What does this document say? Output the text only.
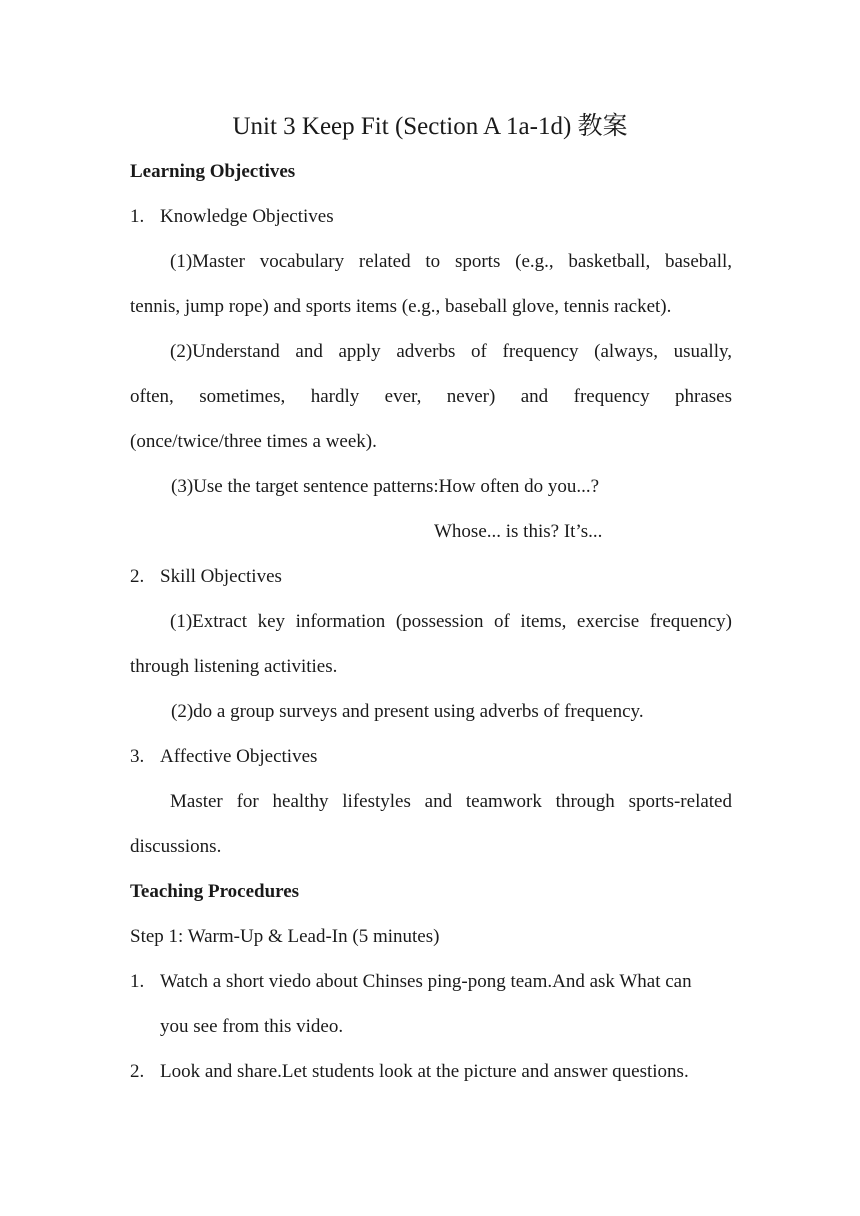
Unit 3 Keep Fit (Section A 1a-1d) 教案
Learning Objectives
1. Knowledge Objectives
(1)Master vocabulary related to sports (e.g., basketball, baseball,
tennis, jump rope) and sports items (e.g., baseball glove, tennis racket).
(2)Understand and apply adverbs of frequency (always, usually,
often, sometimes, hardly ever, never) and frequency phrases
(once/twice/three times a week).
(3)Use the target sentence patterns:How often do you...?
Whose... is this? It’s...
2. Skill Objectives
(1)Extract key information (possession of items, exercise frequency)
through listening activities.
(2)do a group surveys and present using adverbs of frequency.
3. Affective Objectives
Master for healthy lifestyles and teamwork through sports-related
discussions.
Teaching Procedures
Step 1: Warm-Up & Lead-In (5 minutes)
1. Watch a short viedo about Chinses ping-pong team.And ask What can
you see from this video.
2. Look and share.Let students look at the picture and answer questions.
